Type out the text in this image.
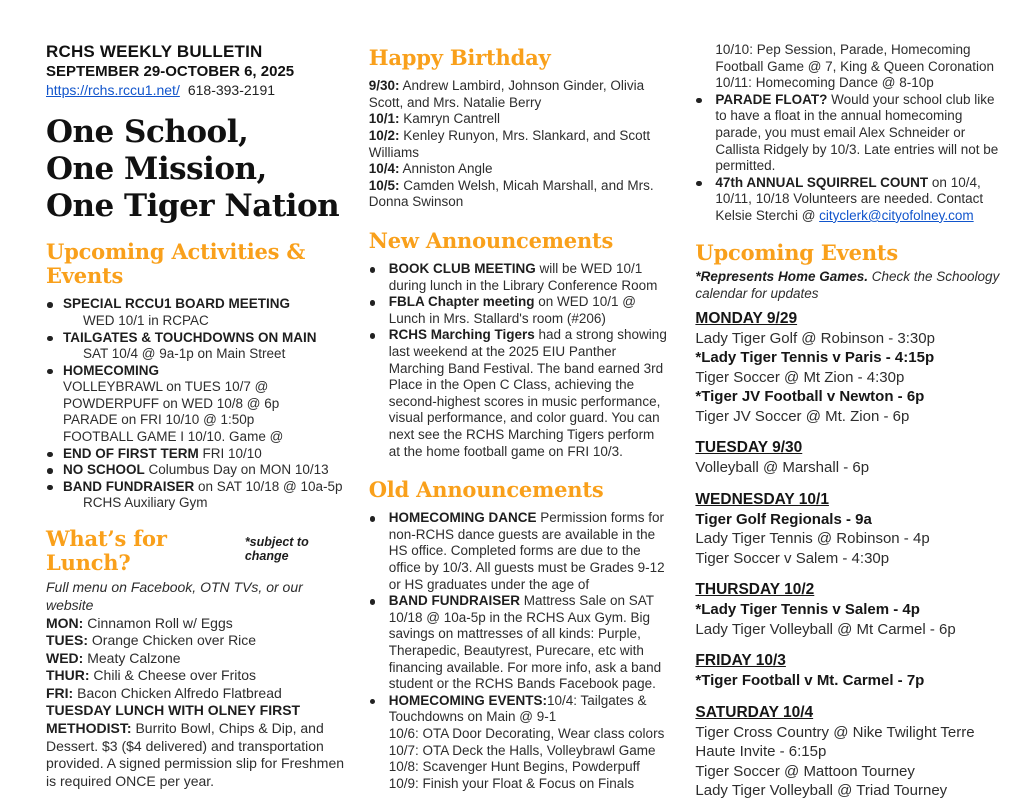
RCHS WEEKLY BULLETIN
SEPTEMBER 29-OCTOBER 6, 2025
https://rchs.rccu1.net/ 618-393-2191
One School,
One Mission,
One Tiger Nation
Upcoming Activities & Events
SPECIAL RCCU1 BOARD MEETING
WED 10/1 in RCPAC
TAILGATES & TOUCHDOWNS ON MAIN
SAT 10/4 @ 9a-1p on Main Street
HOMECOMING
VOLLEYBRAWL on TUES 10/7 @
POWDERPUFF on WED 10/8 @ 6p
PARADE on FRI 10/10 @ 1:50p
FOOTBALL GAME I 10/10. Game @
END OF FIRST TERM FRI 10/10
NO SCHOOL Columbus Day on MON 10/13
BAND FUNDRAISER on SAT 10/18 @ 10a-5p
RCHS Auxiliary Gym
What’s for Lunch?
*subject to change
Full menu on Facebook, OTN TVs, or our website
MON: Cinnamon Roll w/ Eggs
TUES: Orange Chicken over Rice
WED: Meaty Calzone
THUR: Chili & Cheese over Fritos
FRI: Bacon Chicken Alfredo Flatbread
TUESDAY LUNCH WITH OLNEY FIRST METHODIST: Burrito Bowl, Chips & Dip, and Dessert. $3 ($4 delivered) and transportation provided. A signed permission slip for Freshmen is required ONCE per year.
Happy Birthday
9/30: Andrew Lambird, Johnson Ginder, Olivia Scott, and Mrs. Natalie Berry
10/1: Kamryn Cantrell
10/2: Kenley Runyon, Mrs. Slankard, and Scott Williams
10/4: Anniston Angle
10/5: Camden Welsh, Micah Marshall, and Mrs. Donna Swinson
New Announcements
BOOK CLUB MEETING will be WED 10/1 during lunch in the Library Conference Room
FBLA Chapter meeting on WED 10/1 @ Lunch in Mrs. Stallard's room (#206)
RCHS Marching Tigers had a strong showing last weekend at the 2025 EIU Panther Marching Band Festival. The band earned 3rd Place in the Open C Class, achieving the second-highest scores in music performance, visual performance, and color guard. You can next see the RCHS Marching Tigers perform at the home football game on FRI 10/3.
Old Announcements
HOMECOMING DANCE Permission forms for non-RCHS dance guests are available in the HS office. Completed forms are due to the office by 10/3. All guests must be Grades 9-12 or HS graduates under the age of
BAND FUNDRAISER Mattress Sale on SAT 10/18 @ 10a-5p in the RCHS Aux Gym. Big savings on mattresses of all kinds: Purple, Therapedic, Beautyrest, Purecare, etc with financing available. For more info, ask a band student or the RCHS Bands Facebook page.
HOMECOMING EVENTS:10/4: Tailgates & Touchdowns on Main @ 9-1
10/6: OTA Door Decorating, Wear class colors
10/7: OTA Deck the Halls, Volleybrawl Game
10/8: Scavenger Hunt Begins, Powderpuff
10/9: Finish your Float & Focus on Finals
10/10: Pep Session, Parade, Homecoming Football Game @ 7, King & Queen Coronation
10/11: Homecoming Dance @ 8-10p
PARADE FLOAT? Would your school club like to have a float in the annual homecoming parade, you must email Alex Schneider or Callista Ridgely by 10/3. Late entries will not be permitted.
47th ANNUAL SQUIRREL COUNT on 10/4, 10/11, 10/18 Volunteers are needed. Contact Kelsie Sterchi @ cityclerk@cityofolney.com
Upcoming Events
*Represents Home Games. Check the Schoology calendar for updates
MONDAY 9/29
Lady Tiger Golf @ Robinson - 3:30p
*Lady Tiger Tennis v Paris - 4:15p
Tiger Soccer @ Mt Zion - 4:30p
*Tiger JV Football v Newton - 6p
Tiger JV Soccer @ Mt. Zion - 6p
TUESDAY 9/30
Volleyball @ Marshall - 6p
WEDNESDAY 10/1
Tiger Golf Regionals - 9a
Lady Tiger Tennis @ Robinson - 4p
Tiger Soccer v Salem - 4:30p
THURSDAY 10/2
*Lady Tiger Tennis v Salem - 4p
Lady Tiger Volleyball @ Mt Carmel - 6p
FRIDAY 10/3
*Tiger Football v Mt. Carmel - 7p
SATURDAY 10/4
Tiger Cross Country @ Nike Twilight Terre Haute Invite - 6:15p
Tiger Soccer @ Mattoon Tourney
Lady Tiger Volleyball @ Triad Tourney
